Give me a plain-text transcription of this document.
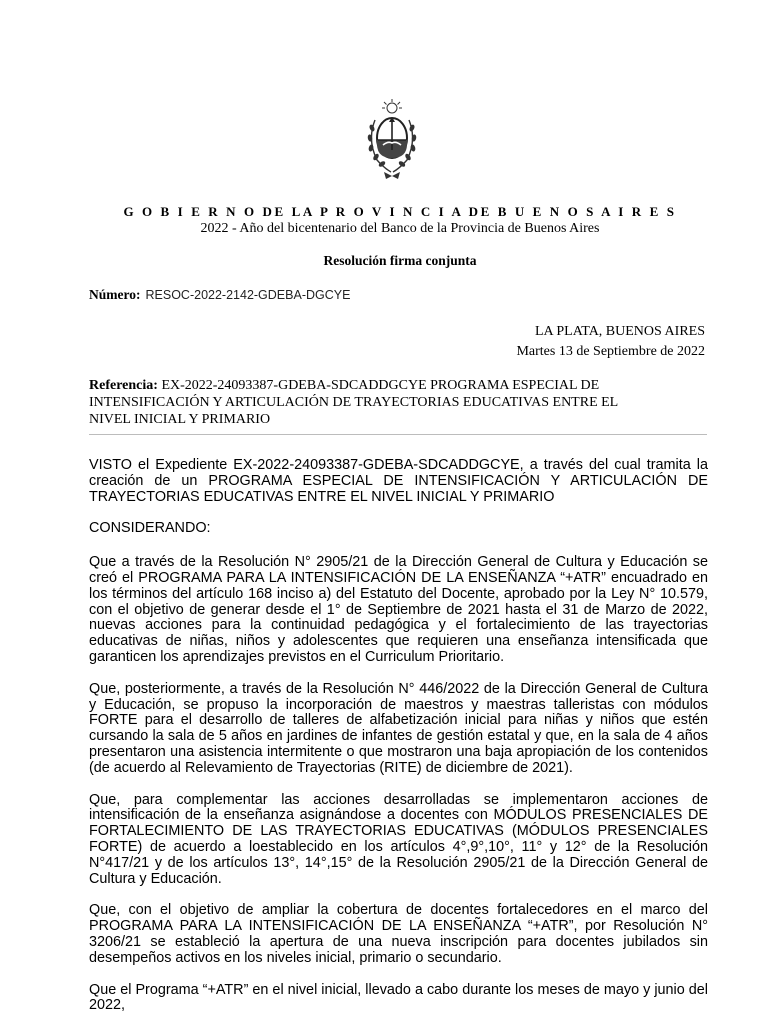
G O B I E R N O DE LA P R O V I N C I A DE B U E N O S A I R E S
2022 - Año del bicentenario del Banco de la Provincia de Buenos Aires
Resolución firma conjunta
Número: RESOC-2022-2142-GDEBA-DGCYE
LA PLATA, BUENOS AIRES
Martes 13 de Septiembre de 2022
Referencia: EX-2022-24093387-GDEBA-SDCADDGCYE PROGRAMA ESPECIAL DE INTENSIFICACIÓN Y ARTICULACIÓN DE TRAYECTORIAS EDUCATIVAS ENTRE EL NIVEL INICIAL Y PRIMARIO

VISTO el Expediente EX-2022-24093387-GDEBA-SDCADDGCYE, a través del cual tramita la creación de un PROGRAMA ESPECIAL DE INTENSIFICACIÓN Y ARTICULACIÓN DE TRAYECTORIAS EDUCATIVAS ENTRE EL NIVEL INICIAL Y PRIMARIO

CONSIDERANDO:

Que a través de la Resolución N° 2905/21 de la Dirección General de Cultura y Educación se creó el PROGRAMA PARA LA INTENSIFICACIÓN DE LA ENSEÑANZA “+ATR” encuadrado en los términos del artículo 168 inciso a) del Estatuto del Docente, aprobado por la Ley N° 10.579, con el objetivo de generar desde el 1° de Septiembre de 2021 hasta el 31 de Marzo de 2022, nuevas acciones para la continuidad pedagógica y el fortalecimiento de las trayectorias educativas de niñas, niños y adolescentes que requieren una enseñanza intensificada que garanticen los aprendizajes previstos en el Curriculum Prioritario.

Que, posteriormente, a través de la Resolución N° 446/2022 de la Dirección General de Cultura y Educación, se propuso la incorporación de maestros y maestras talleristas con módulos FORTE para el desarrollo de talleres de alfabetización inicial para niñas y niños que estén cursando la sala de 5 años en jardines de infantes de gestión estatal y que, en la sala de 4 años presentaron una asistencia intermitente o que mostraron una baja apropiación de los contenidos (de acuerdo al Relevamiento de Trayectorias (RITE) de diciembre de 2021).

Que, para complementar las acciones desarrolladas se implementaron acciones de intensificación de la enseñanza asignándose a docentes con MÓDULOS PRESENCIALES DE FORTALECIMIENTO DE LAS TRAYECTORIAS EDUCATIVAS (MÓDULOS PRESENCIALES FORTE) de acuerdo a loestablecido en los artículos 4°,9°,10°, 11° y 12° de la Resolución N°417/21 y de los artículos 13°, 14°,15° de la Resolución 2905/21 de la Dirección General de Cultura y Educación.

Que, con el objetivo de ampliar la cobertura de docentes fortalecedores en el marco del PROGRAMA PARA LA INTENSIFICACIÓN DE LA ENSEÑANZA “+ATR”, por Resolución N° 3206/21 se estableció la apertura de una nueva inscripción para docentes jubilados sin desempeños activos en los niveles inicial, primario o secundario.

Que el Programa “+ATR” en el nivel inicial, llevado a cabo durante los meses de mayo y junio del 2022,
